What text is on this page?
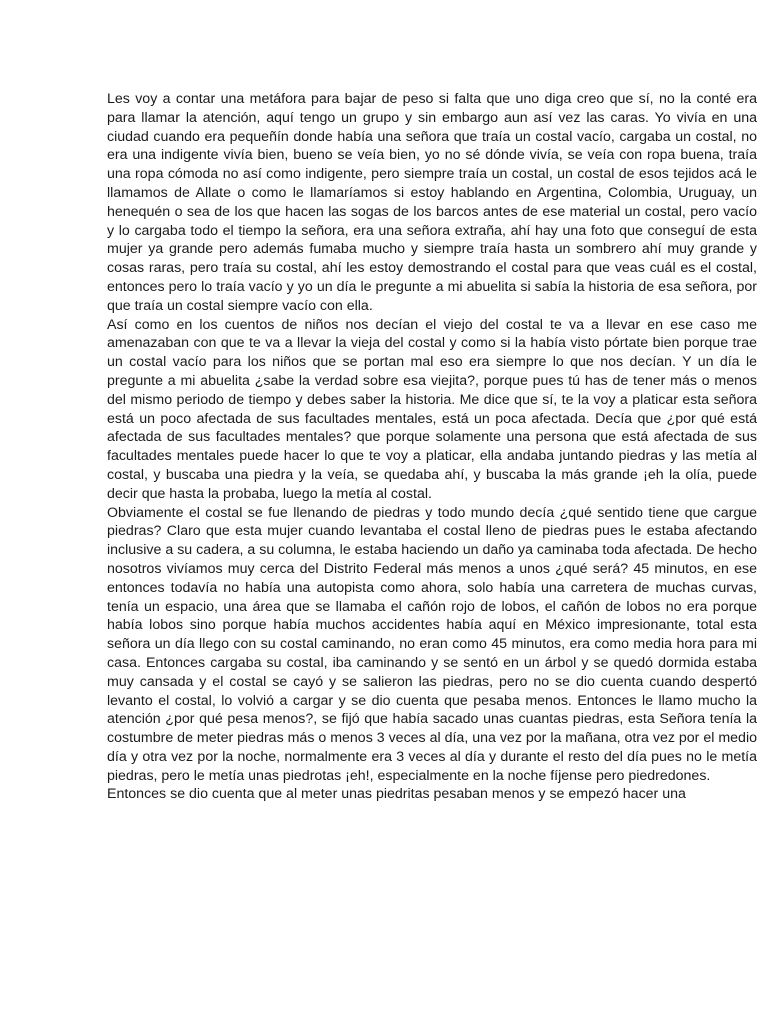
Les voy a contar una metáfora para bajar de peso si falta que uno diga creo que sí, no la conté era para llamar la atención, aquí tengo un grupo y sin embargo aun así vez las caras. Yo vivía en una ciudad cuando era pequeñín donde había una señora que traía un costal vacío, cargaba un costal, no era una indigente vivía bien, bueno se veía bien, yo no sé dónde vivía, se veía con ropa buena, traía una ropa cómoda no así como indigente, pero siempre traía un costal, un costal de esos tejidos acá le llamamos de Allate o como le llamaríamos si estoy hablando en Argentina, Colombia, Uruguay, un henequén o sea de los que hacen las sogas de los barcos antes de ese material un costal, pero vacío y lo cargaba todo el tiempo la señora, era una señora extraña, ahí hay una foto que conseguí de esta mujer ya grande pero además fumaba mucho y siempre traía hasta un sombrero ahí muy grande y cosas raras, pero traía su costal, ahí les estoy demostrando el costal para que veas cuál es el costal, entonces pero lo traía vacío y yo un día le pregunte a mi abuelita si sabía la historia de esa señora, por que traía un costal siempre vacío con ella.

Así como en los cuentos de niños nos decían el viejo del costal te va a llevar en ese caso me amenazaban con que te va a llevar la vieja del costal y como si la había visto pórtate bien porque trae un costal vacío para los niños que se portan mal eso era siempre lo que nos decían. Y un día le pregunte a mi abuelita ¿sabe la verdad sobre esa viejita?, porque pues tú has de tener más o menos del mismo periodo de tiempo y debes saber la historia. Me dice que sí, te la voy a platicar esta señora está un poco afectada de sus facultades mentales, está un poca afectada. Decía que ¿por qué está afectada de sus facultades mentales? que porque solamente una persona que está afectada de sus facultades mentales puede hacer lo que te voy a platicar, ella andaba juntando piedras y las metía al costal, y buscaba una piedra y la veía, se quedaba ahí, y buscaba la más grande ¡eh la olía, puede decir que hasta la probaba, luego la metía al costal.

Obviamente el costal se fue llenando de piedras y todo mundo decía ¿qué sentido tiene que cargue piedras? Claro que esta mujer cuando levantaba el costal lleno de piedras pues le estaba afectando inclusive a su cadera, a su columna, le estaba haciendo un daño ya caminaba toda afectada. De hecho nosotros vivíamos muy cerca del Distrito Federal más menos a unos ¿qué será? 45 minutos, en ese entonces todavía no había una autopista como ahora, solo había una carretera de muchas curvas, tenía un espacio, una área que se llamaba el cañón rojo de lobos, el cañón de lobos no era porque había lobos sino porque había muchos accidentes había aquí en México impresionante, total esta señora un día llego con su costal caminando, no eran como 45 minutos, era como media hora para mi casa. Entonces cargaba su costal, iba caminando y se sentó en un árbol y se quedó dormida estaba muy cansada y el costal se cayó y se salieron las piedras, pero no se dio cuenta cuando despertó levanto el costal, lo volvió a cargar y se dio cuenta que pesaba menos. Entonces le llamo mucho la atención ¿por qué pesa menos?, se fijó que había sacado unas cuantas piedras, esta Señora tenía la costumbre de meter piedras más o menos 3 veces al día, una vez por la mañana, otra vez por el medio día y otra vez por la noche, normalmente era 3 veces al día y durante el resto del día pues no le metía piedras, pero le metía unas piedrotas ¡eh!, especialmente en la noche fíjense pero piedredones.

Entonces se dio cuenta que al meter unas piedritas pesaban menos y se empezó hacer una
